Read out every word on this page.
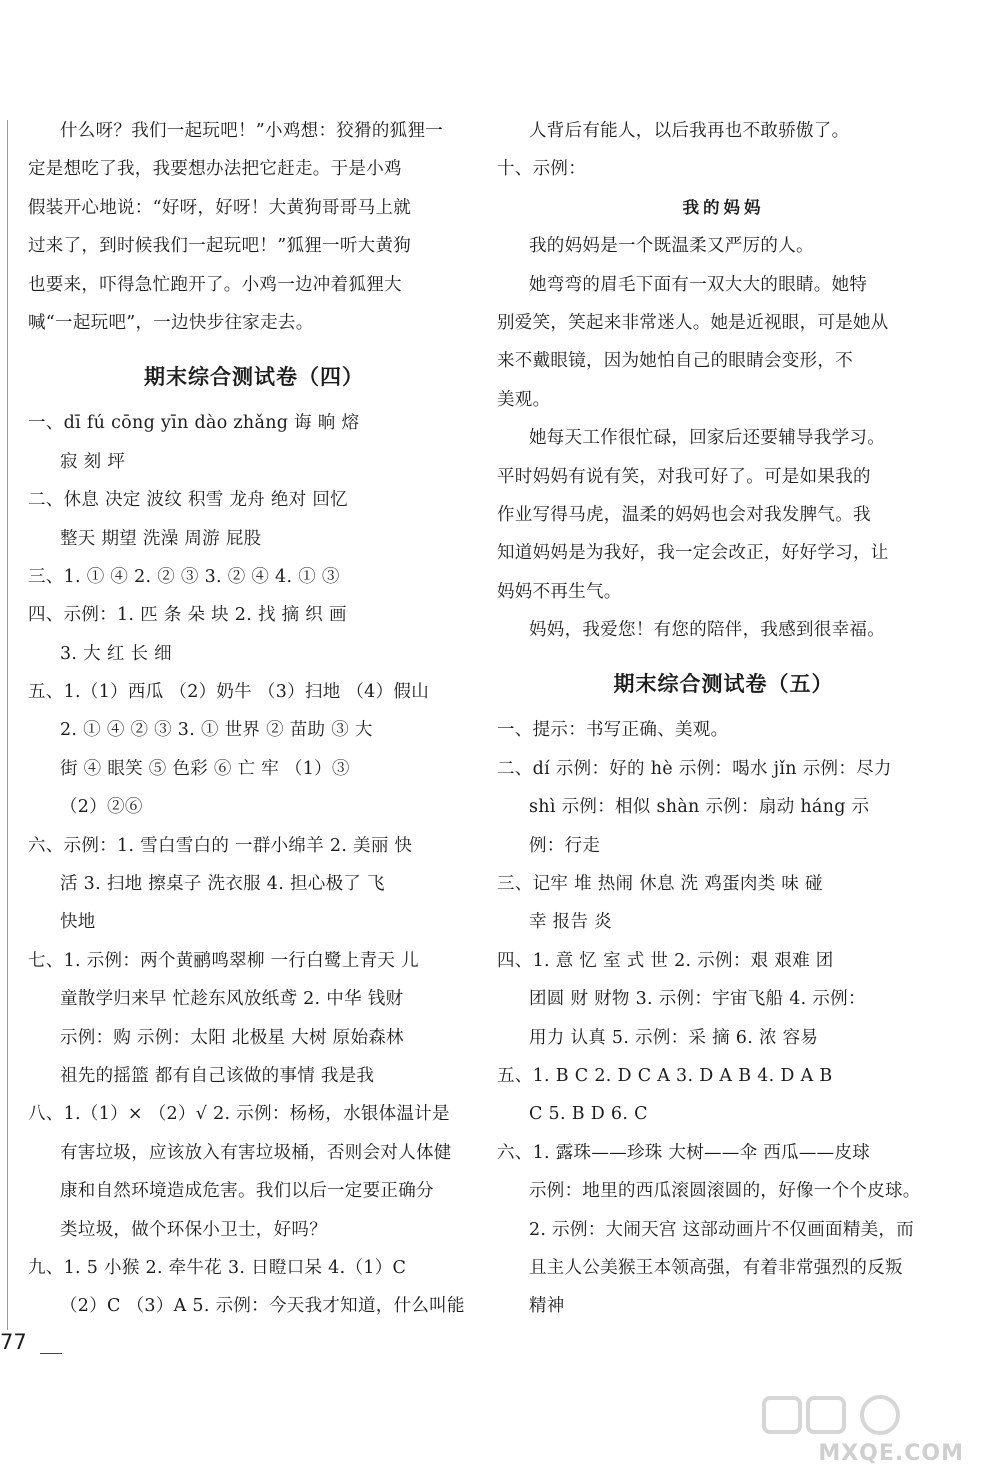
什么呀？我们一起玩吧！”小鸡想：狡猾的狐狸一
定是想吃了我，我要想办法把它赶走。于是小鸡
假装开心地说：“好呀，好呀！大黄狗哥哥马上就
过来了，到时候我们一起玩吧！”狐狸一听大黄狗
也要来，吓得急忙跑开了。小鸡一边冲着狐狸大
喊“一起玩吧”，一边快步往家走去。
期末综合测试卷（四）
一、dī fú cōng yīn dào zhǎng 诲 晌 熔
寂 刻 坪
二、休息 决定 波纹 积雪 龙舟 绝对 回忆
整天 期望 洗澡 周游 屁股
三、1. ① ④ 2. ② ③ 3. ② ④ 4. ① ③
四、示例：1. 匹 条 朵 块 2. 找 摘 织 画
3. 大 红 长 细
五、1.（1）西瓜 （2）奶牛 （3）扫地 （4）假山
2. ① ④ ② ③ 3. ① 世界 ② 苗助 ③ 大
街 ④ 眼笑 ⑤ 色彩 ⑥ 亡 牢 （1）③
（2）②⑥
六、示例：1. 雪白雪白的 一群小绵羊 2. 美丽 快
活 3. 扫地 擦桌子 洗衣服 4. 担心极了 飞
快地
七、1. 示例：两个黄鹂鸣翠柳 一行白鹭上青天 儿
童散学归来早 忙趁东风放纸鸢 2. 中华 钱财
示例：购 示例：太阳 北极星 大树 原始森林
祖先的摇篮 都有自己该做的事情 我是我
八、1.（1）× （2）√ 2. 示例：杨杨，水银体温计是
有害垃圾，应该放入有害垃圾桶，否则会对人体健
康和自然环境造成危害。我们以后一定要正确分
类垃圾，做个环保小卫士，好吗？
九、1. 5 小猴 2. 牵牛花 3. 日瞪口呆 4.（1）C
（2）C （3）A 5. 示例：今天我才知道，什么叫能
人背后有能人，以后我再也不敢骄傲了。
十、示例：
我的妈妈
我的妈妈是一个既温柔又严厉的人。
她弯弯的眉毛下面有一双大大的眼睛。她特
别爱笑，笑起来非常迷人。她是近视眼，可是她从
来不戴眼镜，因为她怕自己的眼睛会变形，不
美观。
她每天工作很忙碌，回家后还要辅导我学习。
平时妈妈有说有笑，对我可好了。可是如果我的
作业写得马虎，温柔的妈妈也会对我发脾气。我
知道妈妈是为我好，我一定会改正，好好学习，让
妈妈不再生气。
妈妈，我爱您！有您的陪伴，我感到很幸福。
期末综合测试卷（五）
一、提示：书写正确、美观。
二、dí 示例：好的 hè 示例：喝水 jǐn 示例：尽力
shì 示例：相似 shàn 示例：扇动 háng 示
例：行走
三、记牢 堆 热闹 休息 洗 鸡蛋肉类 味 碰
幸 报告 炎
四、1. 意 忆 室 式 世 2. 示例：艰 艰难 团
团圆 财 财物 3. 示例：宇宙飞船 4. 示例：
用力 认真 5. 示例：采 摘 6. 浓 容易
五、1. B C 2. D C A 3. D A B 4. D A B
C 5. B D 6. C
六、1. 露珠——珍珠 大树——伞 西瓜——皮球
示例：地里的西瓜滚圆滚圆的，好像一个个皮球。
2. 示例：大闹天宫 这部动画片不仅画面精美，而
且主人公美猴王本领高强，有着非常强烈的反叛
精神
77
MXQE.COM
